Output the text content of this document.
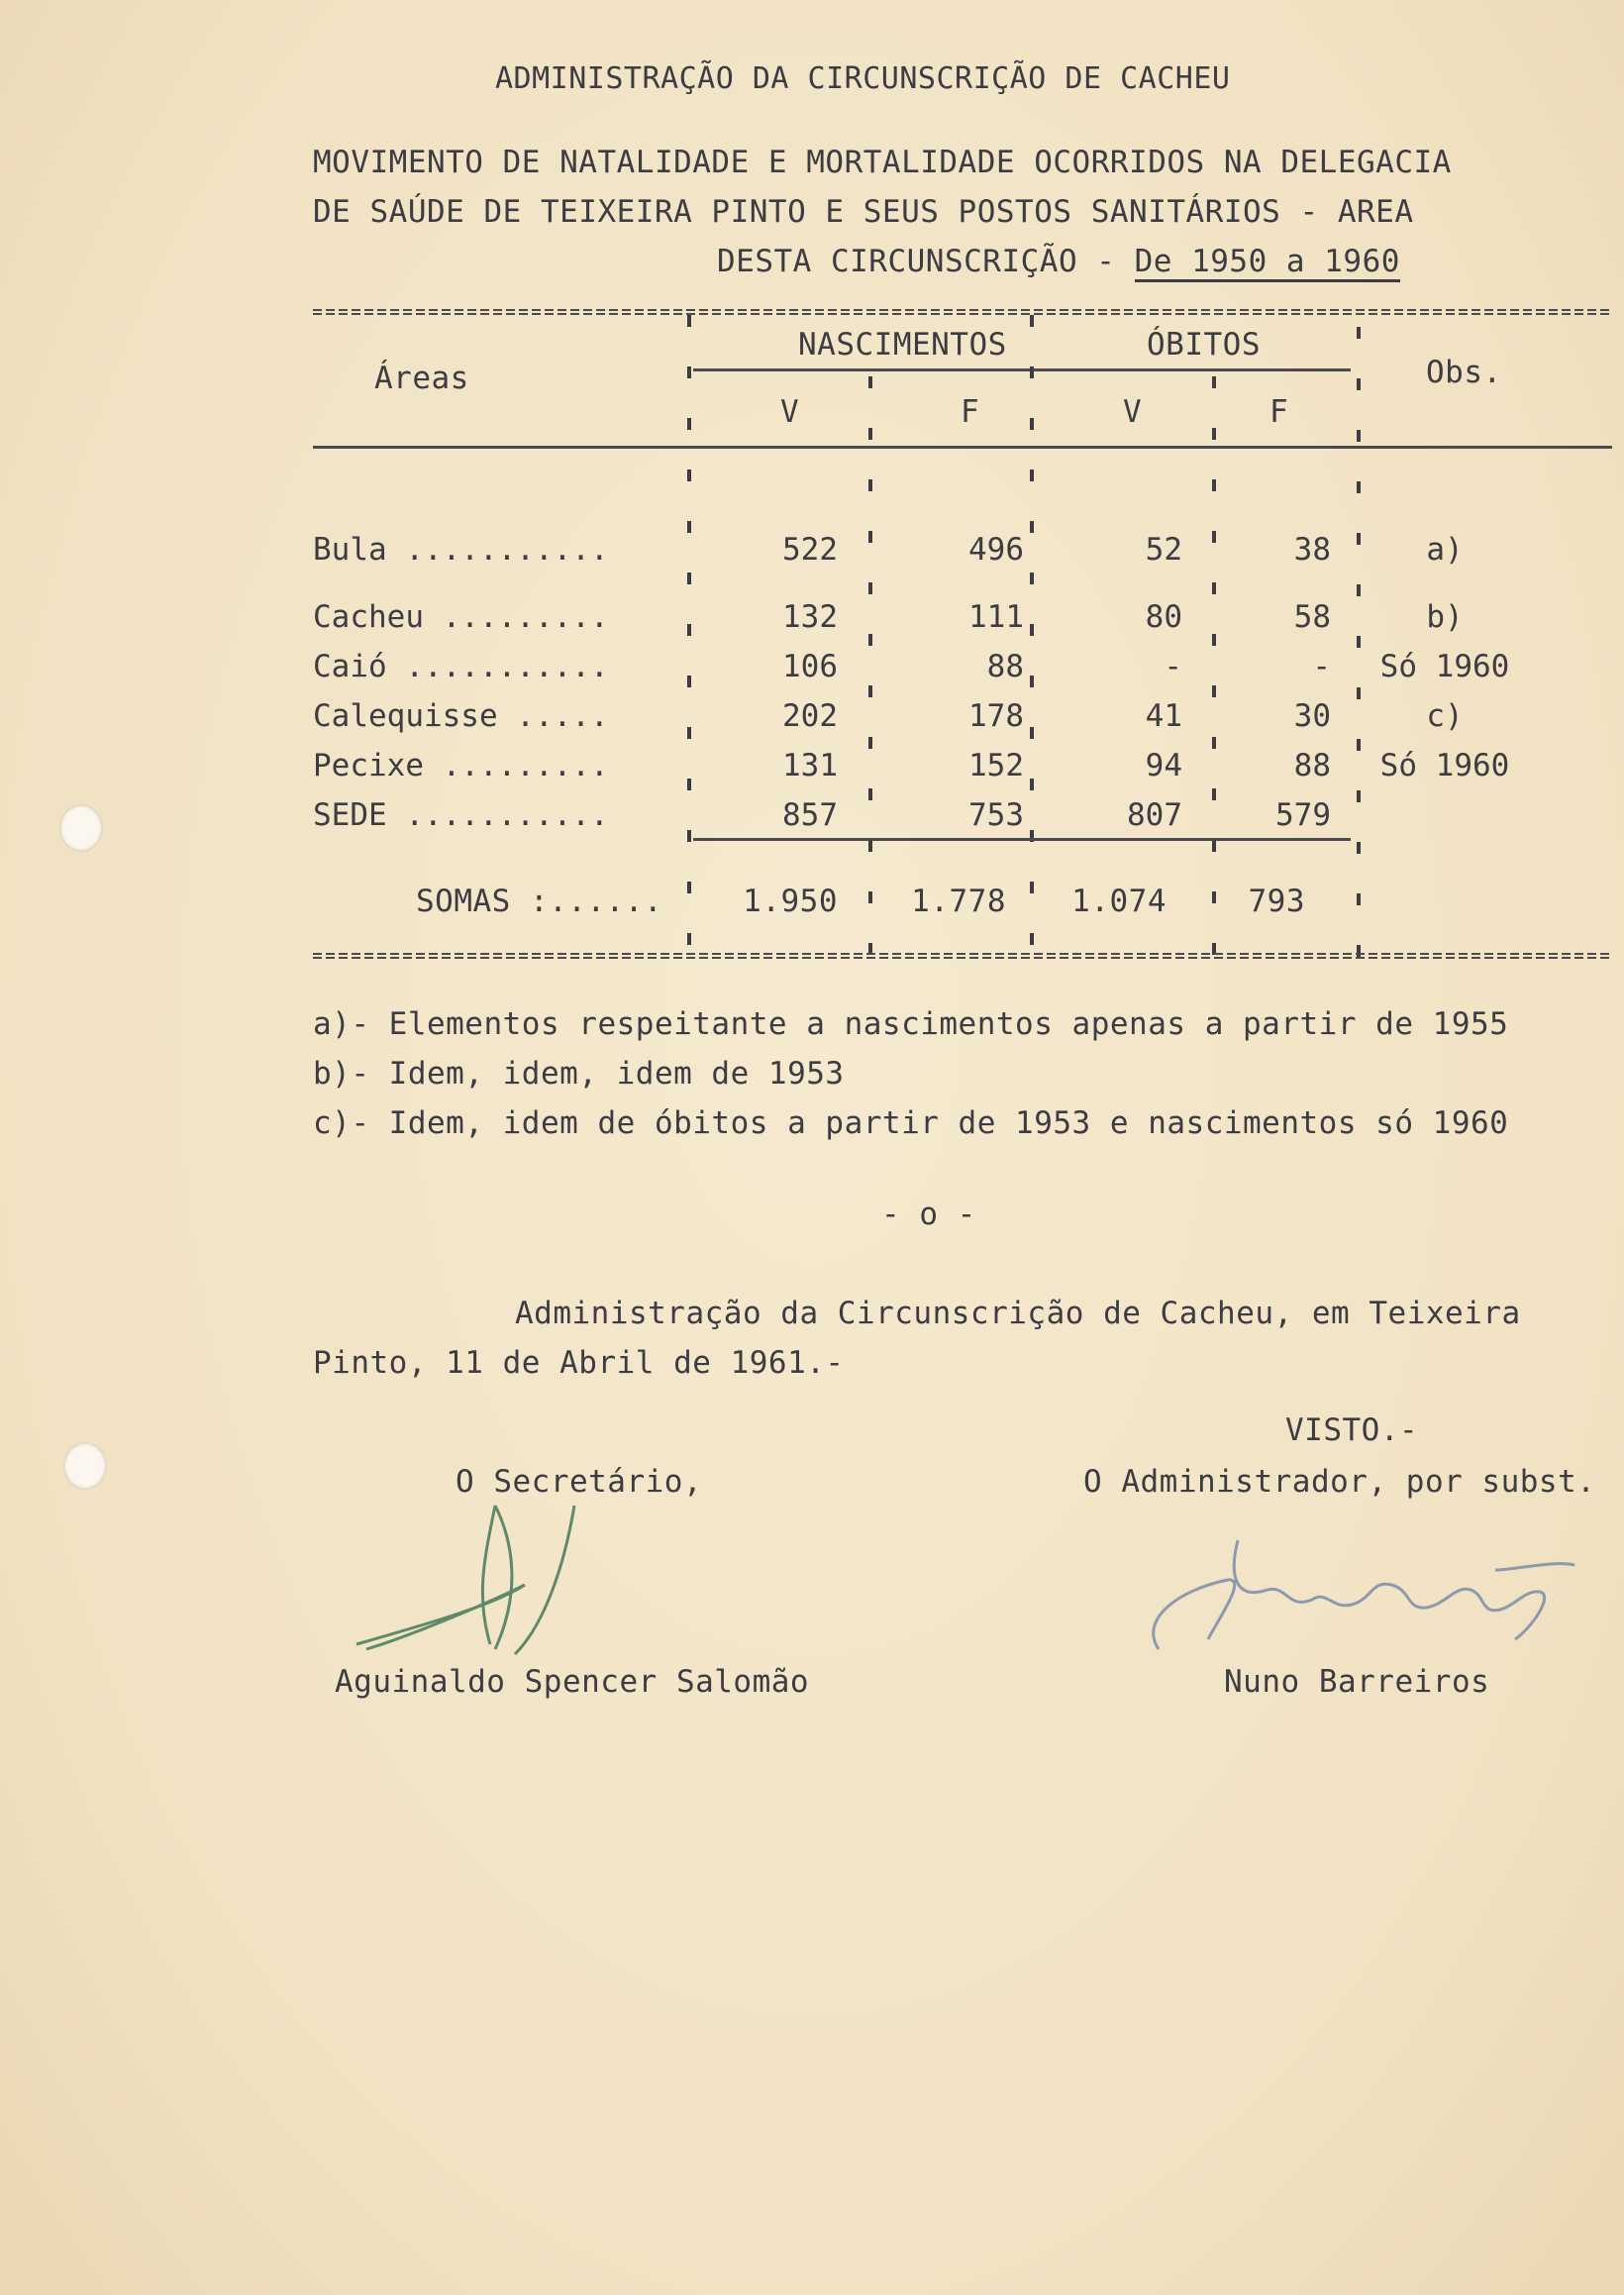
ADMINISTRAÇÃO DA CIRCUNSCRIÇÃO DE CACHEU
MOVIMENTO DE NATALIDADE E MORTALIDADE OCORRIDOS NA DELEGACIA
DE SAÚDE DE TEIXEIRA PINTO E SEUS POSTOS SANITÁRIOS - AREA
DESTA CIRCUNSCRIÇÃO - De 1950 a 1960
Áreas
NASCIMENTOS	ÓBITOS
Obs.
V	F	V	F
Bula ...........	522	496	52	38	a)

Cacheu .........	132	111	80	58	b)
Caió ...........	106	88	-	-	Só 1960
Calequisse .....	202	178	41	30	c)
Pecixe .........	131	152	94	88	Só 1960
SEDE ...........	857	753	807	579	
SOMAS :......	1.950	1.778	1.074	793
a)- Elementos respeitante a nascimentos apenas a partir de 1955
b)- Idem, idem, idem de 1953
c)- Idem, idem de óbitos a partir de 1953 e nascimentos só 1960
- o -
Administração da Circunscrição de Cacheu, em Teixeira
Pinto, 11 de Abril de 1961.-
VISTO.-
O Secretário,	O Administrador, por subst.
Aguinaldo Spencer Salomão	Nuno Barreiros
